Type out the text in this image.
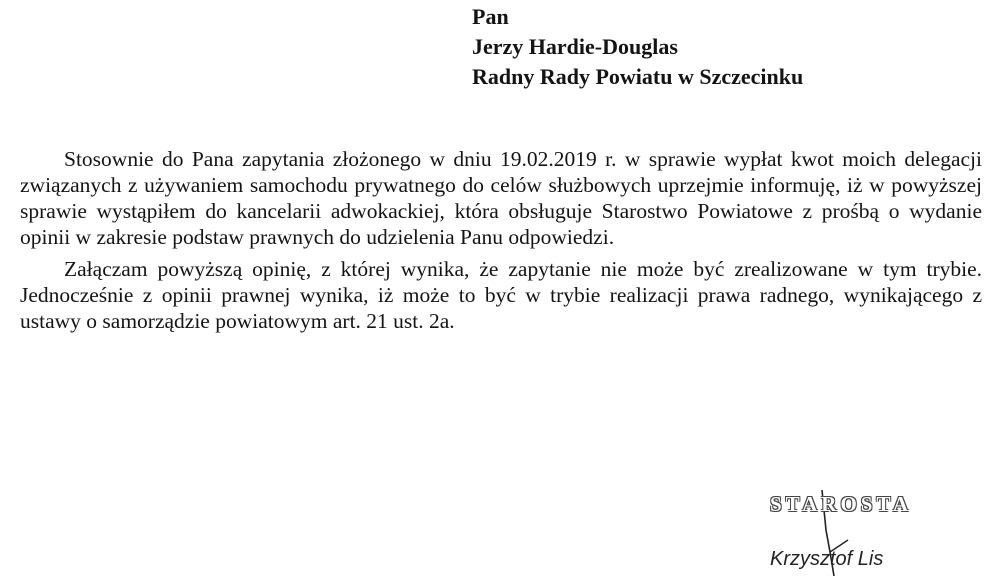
Pan
Jerzy Hardie-Douglas
Radny Rady Powiatu w Szczecinku

Stosownie do Pana zapytania złożonego w dniu 19.02.2019 r. w sprawie wypłat kwot moich delegacji związanych z używaniem samochodu prywatnego do celów służbowych uprzejmie informuję, iż w powyższej sprawie wystąpiłem do kancelarii adwokackiej, która obsługuje Starostwo Powiatowe z prośbą o wydanie opinii w zakresie podstaw prawnych do udzielenia Panu odpowiedzi.

Załączam powyższą opinię, z której wynika, że zapytanie nie może być zrealizowane w tym trybie. Jednocześnie z opinii prawnej wynika, iż może to być w trybie realizacji prawa radnego, wynikającego z ustawy o samorządzie powiatowym art. 21 ust. 2a.

STAROSTA
Krzysztof Lis
